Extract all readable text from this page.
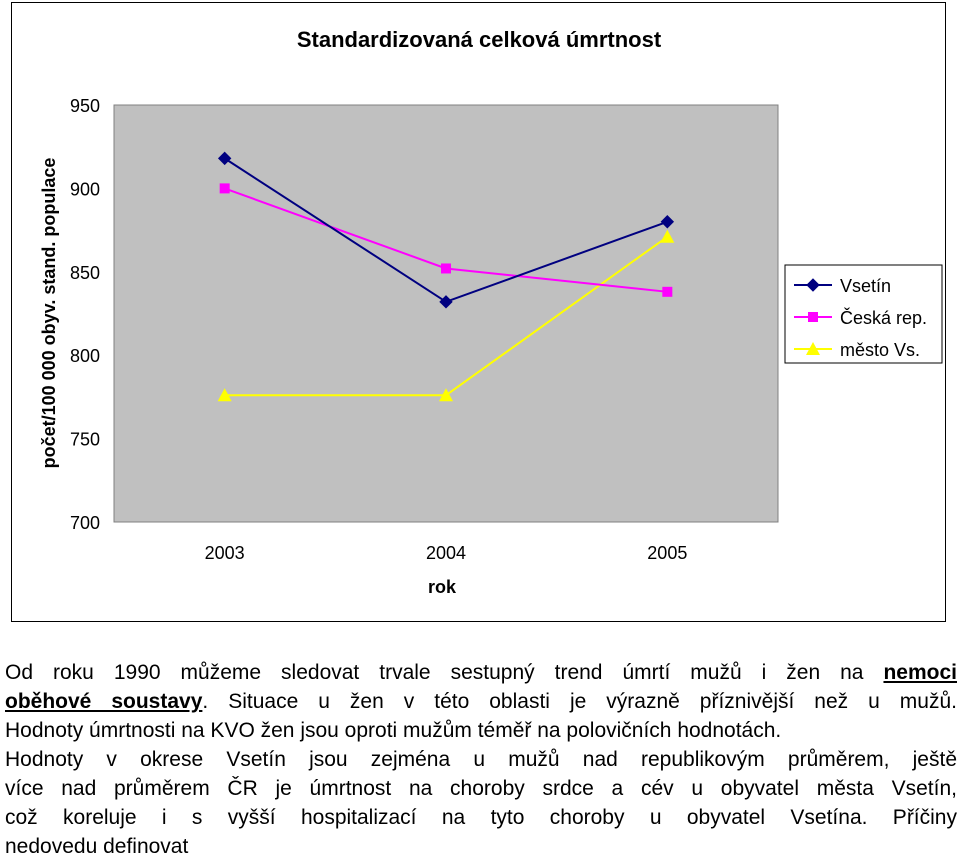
Standardizovaná celková úmrtnost
700
750
800
850
900
950
2003	2004	2005
počet/100 000 obyv. stand. populace
rok
Vsetín
Česká rep.
město Vs.

Od roku 1990 můžeme sledovat trvale sestupný trend úmrtí mužů i žen na nemoci
oběhové soustavy. Situace u žen v této oblasti je výrazně příznivější než u mužů.
Hodnoty úmrtnosti na KVO žen jsou oproti mužům téměř na polovičních hodnotách.
Hodnoty v okrese Vsetín jsou zejména u mužů nad republikovým průměrem, ještě
více nad průměrem ČR je úmrtnost na choroby srdce a cév u obyvatel města Vsetín,
což koreluje i s vyšší hospitalizací na tyto choroby u obyvatel Vsetína. Příčiny
nedovedu definovat
